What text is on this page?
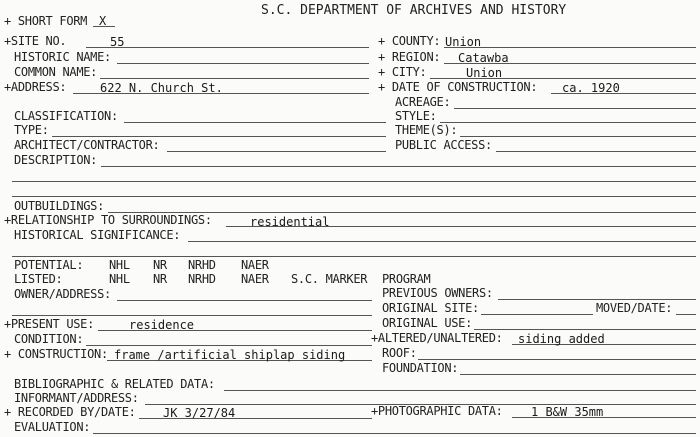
+ SHORT FORM X
S.C. DEPARTMENT OF ARCHIVES AND HISTORY
+SITE NO.	55	+ COUNTY: Union
HISTORIC NAME:	+ REGION: Catawba
COMMON NAME:	+ CITY:	Union
+ADDRESS:	622 N. Church St.	+ DATE OF CONSTRUCTION: ca. 1920
ACREAGE:
CLASSIFICATION:	STYLE:
TYPE:	THEME(S):
ARCHITECT/CONTRACTOR:	PUBLIC ACCESS:
DESCRIPTION:
OUTBUILDINGS:
+RELATIONSHIP TO SURROUNDINGS:	residential
HISTORICAL SIGNIFICANCE:
POTENTIAL: NHL NR NRHD NAER
LISTED:	NHL NR NRHD NAER S.C. MARKER PROGRAM
OWNER/ADDRESS:	PREVIOUS OWNERS:
ORIGINAL SITE:	MOVED/DATE:
+PRESENT USE:	residence	ORIGINAL USE:
CONDITION:	+ALTERED/UNALTERED: siding added
+ CONSTRUCTION: frame /artificial shiplap siding	ROOF:
FOUNDATION:
BIBLIOGRAPHIC & RELATED DATA:
INFORMANT/ADDRESS:
+ RECORDED BY/DATE: JK 3/27/84	+PHOTOGRAPHIC DATA: 1 B&W 35mm
EVALUATION:
